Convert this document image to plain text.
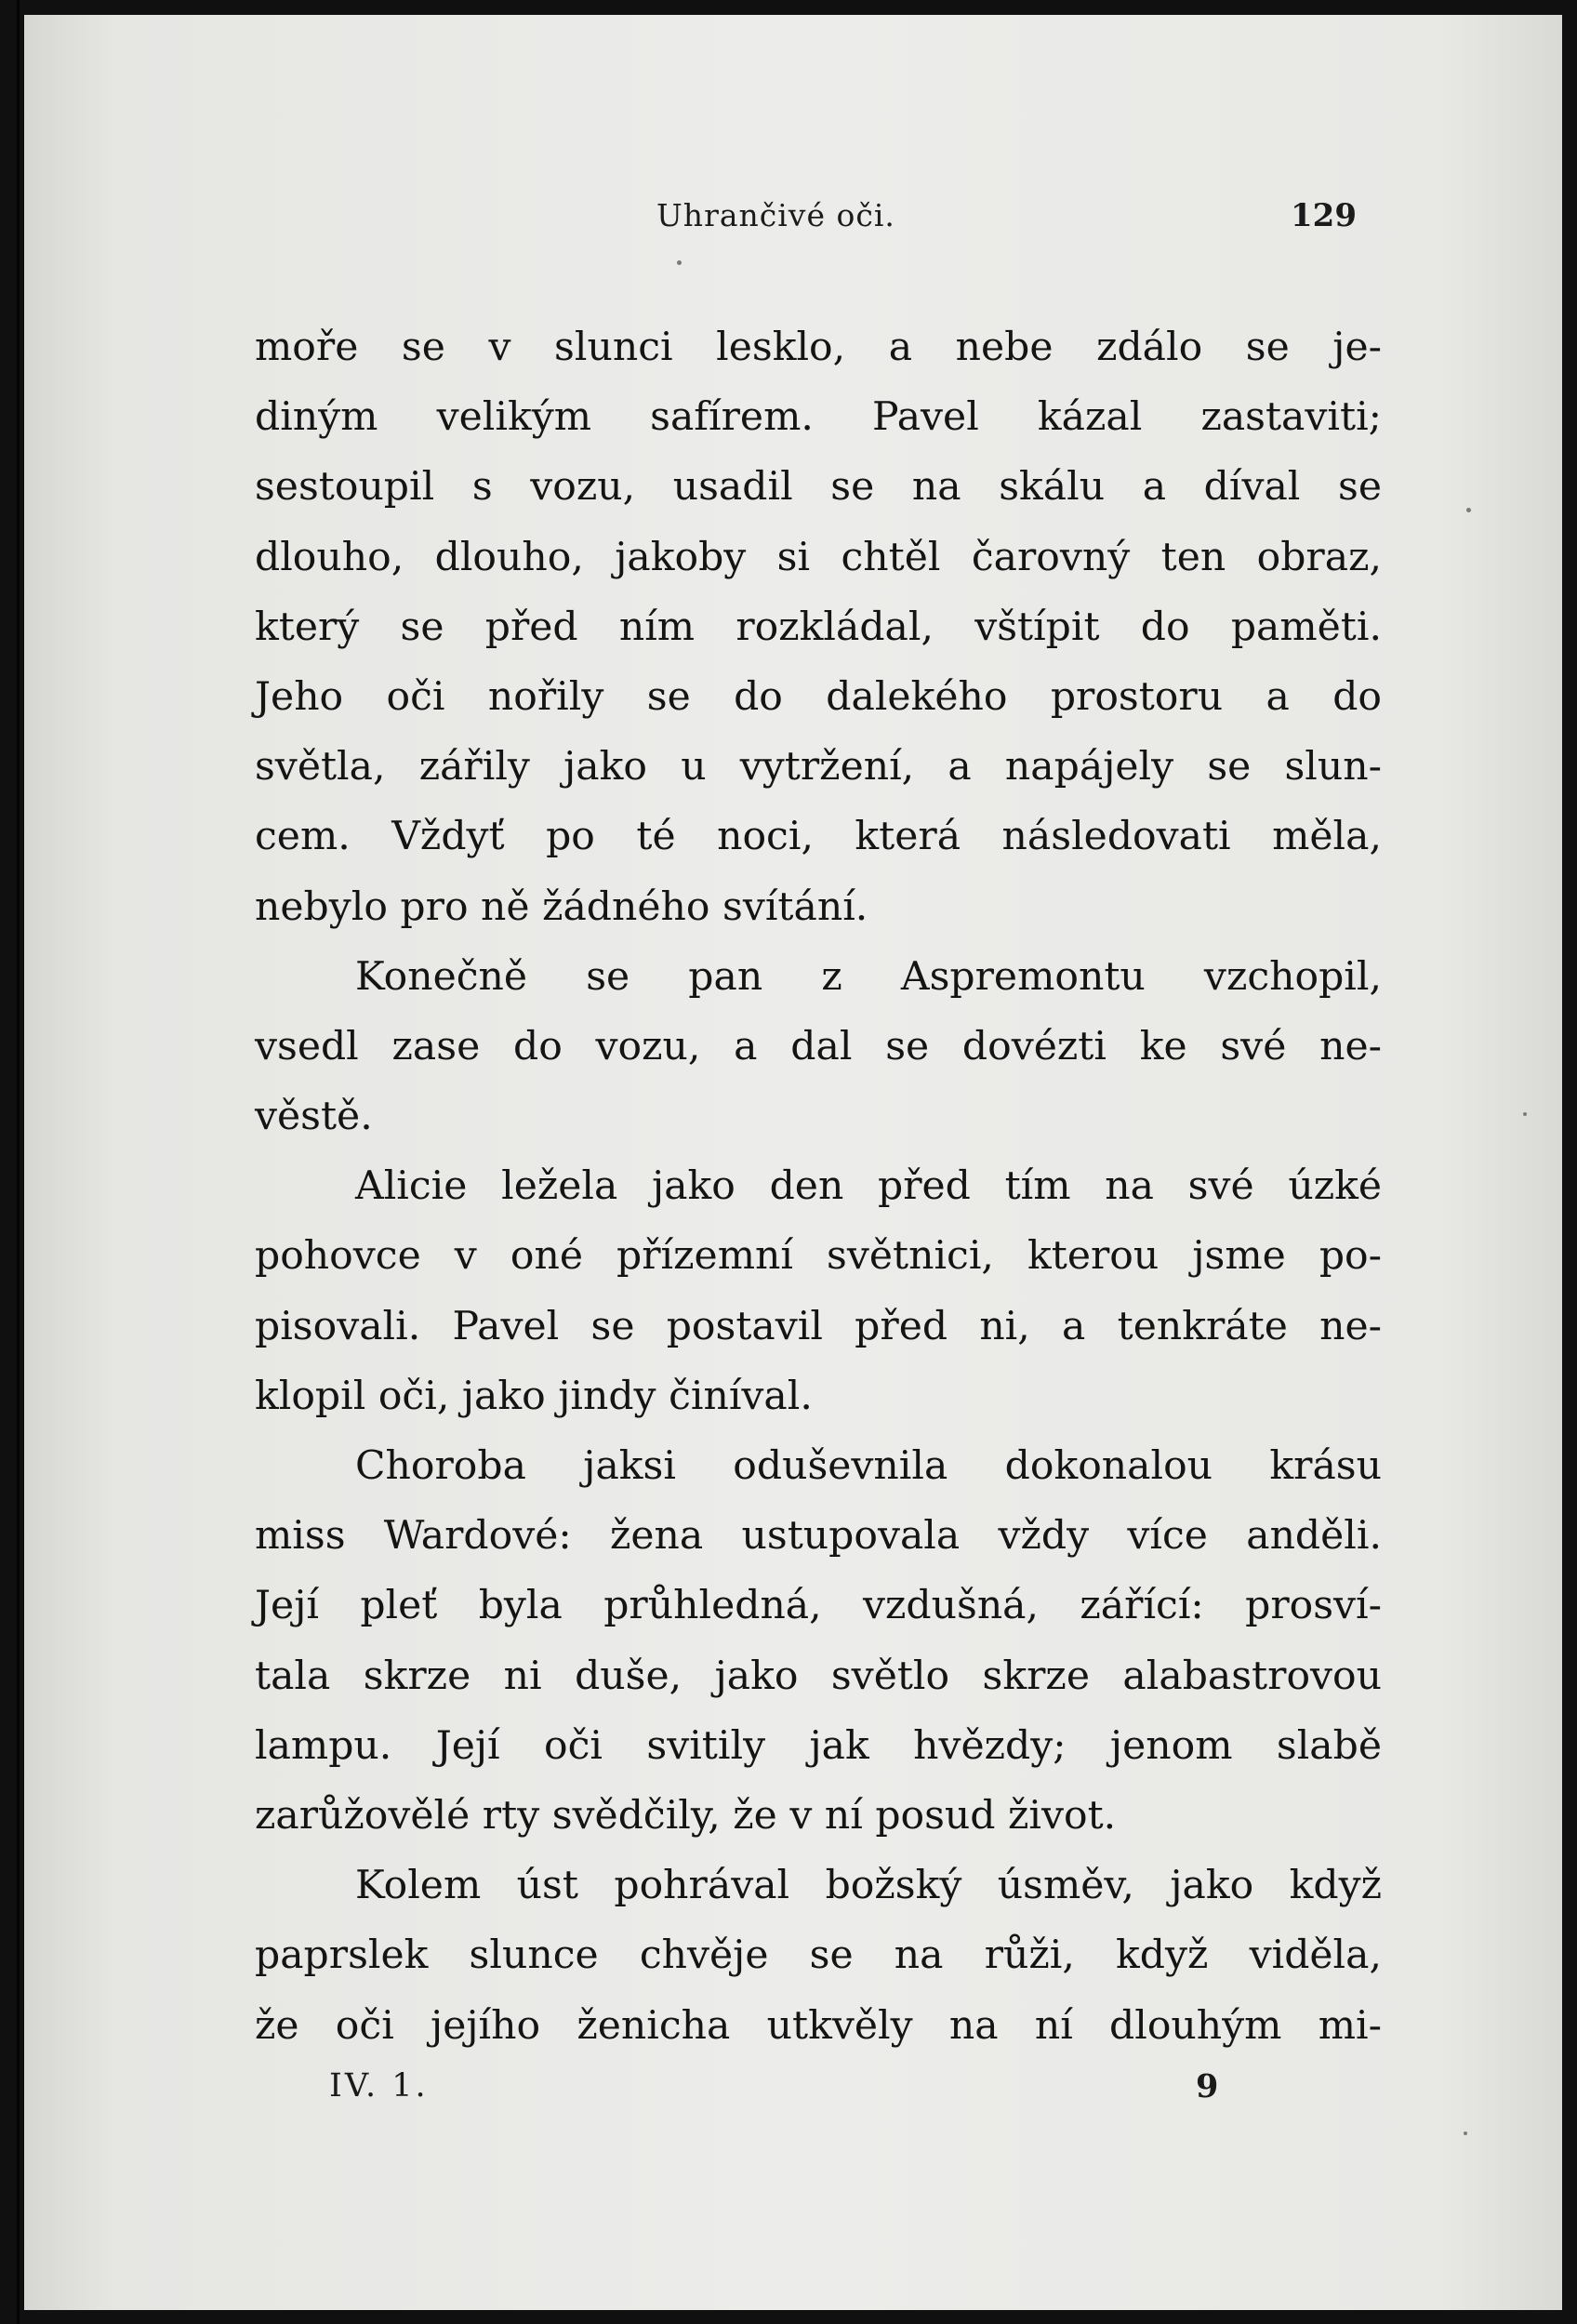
Uhrančivé oči.	129
moře se v slunci lesklo, a nebe zdálo se je-
diným velikým safírem. Pavel kázal zastaviti;
sestoupil s vozu, usadil se na skálu a díval se
dlouho, dlouho, jakoby si chtěl čarovný ten obraz,
který se před ním rozkládal, vštípit do paměti.
Jeho oči nořily se do dalekého prostoru a do
světla, zářily jako u vytržení, a napájely se slun-
cem. Vždyť po té noci, která následovati měla,
nebylo pro ně žádného svítání.
Konečně se pan z Aspremontu vzchopil,
vsedl zase do vozu, a dal se dovézti ke své ne-
věstě.
Alicie ležela jako den před tím na své úzké
pohovce v oné přízemní světnici, kterou jsme po-
pisovali. Pavel se postavil před ni, a tenkráte ne-
klopil oči, jako jindy činíval.
Choroba jaksi oduševnila dokonalou krásu
miss Wardové: žena ustupovala vždy více anděli.
Její pleť byla průhledná, vzdušná, zářící: prosví-
tala skrze ni duše, jako světlo skrze alabastrovou
lampu. Její oči svitily jak hvězdy; jenom slabě
zarůžovělé rty svědčily, že v ní posud život.
Kolem úst pohrával božský úsměv, jako když
paprslek slunce chvěje se na růži, když viděla,
že oči jejího ženicha utkvěly na ní dlouhým mi-
IV. 1.	9
